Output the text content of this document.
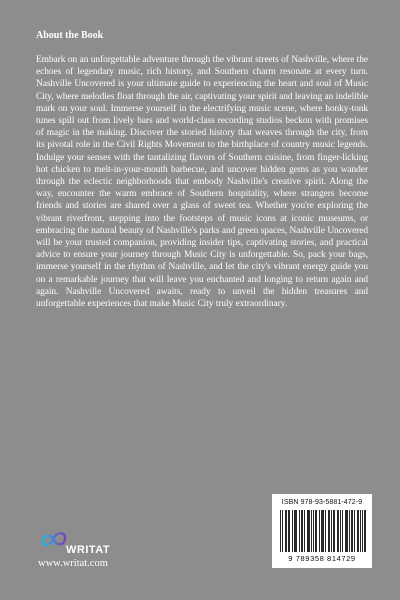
About the Book

Embark on an unforgettable adventure through the vibrant streets of Nashville, where the echoes of legendary music, rich history, and Southern charm resonate at every turn. Nashville Uncovered is your ultimate guide to experiencing the heart and soul of Music City, where melodies float through the air, captivating your spirit and leaving an indelible mark on your soul. Immerse yourself in the electrifying music scene, where honky-tonk tunes spill out from lively bars and world-class recording studios beckon with promises of magic in the making. Discover the storied history that weaves through the city, from its pivotal role in the Civil Rights Movement to the birthplace of country music legends. Indulge your senses with the tantalizing flavors of Southern cuisine, from finger-licking hot chicken to melt-in-your-mouth barbecue, and uncover hidden gems as you wander through the eclectic neighborhoods that embody Nashville's creative spirit. Along the way, encounter the warm embrace of Southern hospitality, where strangers become friends and stories are shared over a glass of sweet tea. Whether you're exploring the vibrant riverfront, stepping into the footsteps of music icons at iconic museums, or embracing the natural beauty of Nashville's parks and green spaces, Nashville Uncovered will be your trusted companion, providing insider tips, captivating stories, and practical advice to ensure your journey through Music City is unforgettable. So, pack your bags, immerse yourself in the rhythm of Nashville, and let the city's vibrant energy guide you on a remarkable journey that will leave you enchanted and longing to return again and again. Nashville Uncovered awaits, ready to unveil the hidden treasures and unforgettable experiences that make Music City truly extraordinary.

WRITAT
www.writat.com
ISBN 978-93-5881-472-9
9 789358 814729
